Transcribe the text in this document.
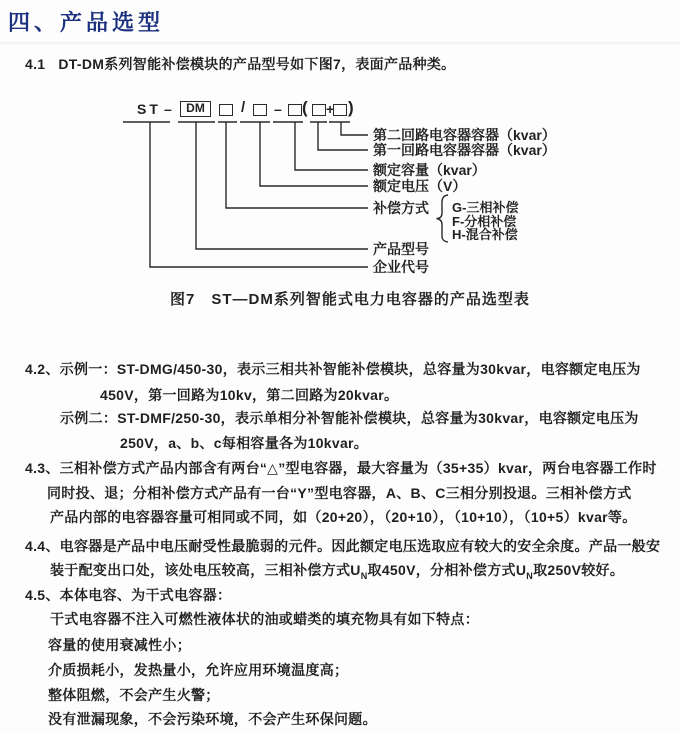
四、产品选型
4.1 DT-DM系列智能补偿模块的产品型号如下图7，表面产品种类。
ST –	DM	/ – ( + )
第二回路电容器容器（kvar）
第一回路电容器容器（kvar）
额定容量（kvar）
额定电压（V）
补偿方式 G-三相补偿
F-分相补偿
H-混合补偿
产品型号
企业代号
图7　ST—DM系列智能式电力电容器的产品选型表
4.2、示例一：ST-DMG/450-30，表示三相共补智能补偿模块，总容量为30kvar，电容额定电压为
450V，第一回路为10kv，第二回路为20kvar。
示例二：ST-DMF/250-30，表示单相分补智能补偿模块，总容量为30kvar，电容额定电压为
250V，a、b、c每相容量各为10kvar。
4.3、三相补偿方式产品内部含有两台“△”型电容器，最大容量为（35+35）kvar，两台电容器工作时
同时投、退；分相补偿方式产品有一台“Y”型电容器，A、B、C三相分别投退。三相补偿方式
产品内部的电容器容量可相同或不同，如（20+20），（20+10），（10+10），（10+5）kvar等。
4.4、电容器是产品中电压耐受性最脆弱的元件。因此额定电压选取应有较大的安全余度。产品一般安
装于配变出口处，该处电压较高，三相补偿方式$U_N$取450V，分相补偿方式$U_N$取250V较好。
4.5、本体电容、为干式电容器：
干式电容器不注入可燃性液体状的油或蜡类的填充物具有如下特点：
容量的使用衰减性小；
介质损耗小，发热量小，允许应用环境温度高；
整体阻燃，不会产生火警；
没有泄漏现象，不会污染环境，不会产生环保问题。
